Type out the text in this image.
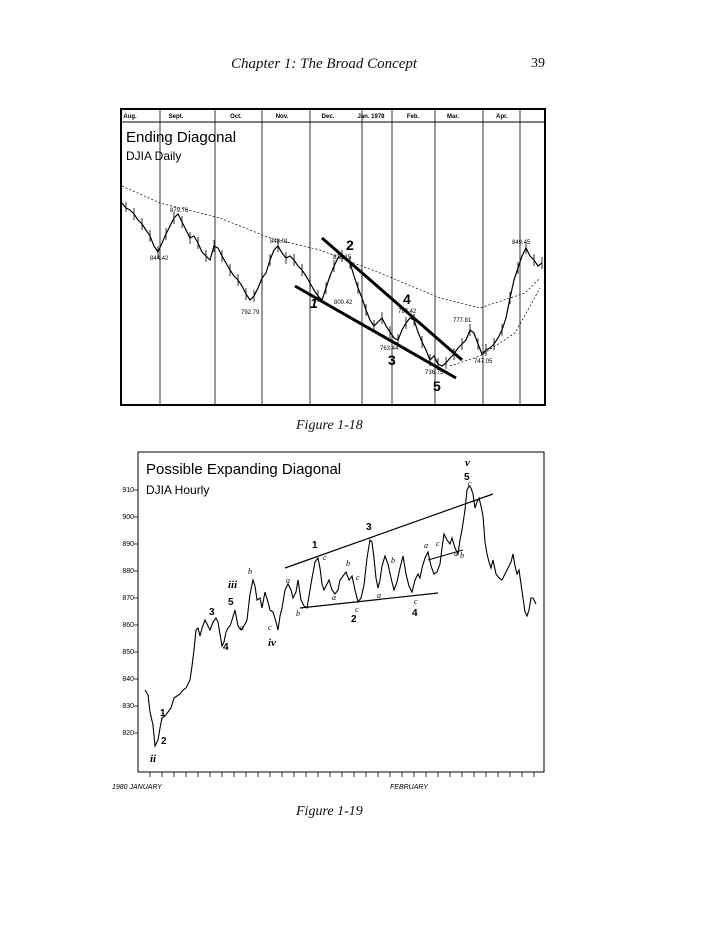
Chapter 1: The Broad Concept	39
Aug.	Sept.	Oct.	Nov.	Dec.	Jan. 1978	Feb.	Mar.	Apr.
Ending Diagonal
DJIA Daily
879.76
844.42
848.01
792.79
835.15
800.42
787.42
777.81
763.44
747.05
736.75
849.45
1
2
3
4
5
Figure 1-18
Possible Expanding Diagonal
DJIA Hourly
910
900
890
880
870
860
850
840
830
820
1980 JANUARY	FEBRUARY
ii
iii
iv
v
1
2
3
4
5
1
2
3
4
5
b
a	c
a
b
c
b
a
c
c
b
a
c
a c
a b
c
Figure 1-19
